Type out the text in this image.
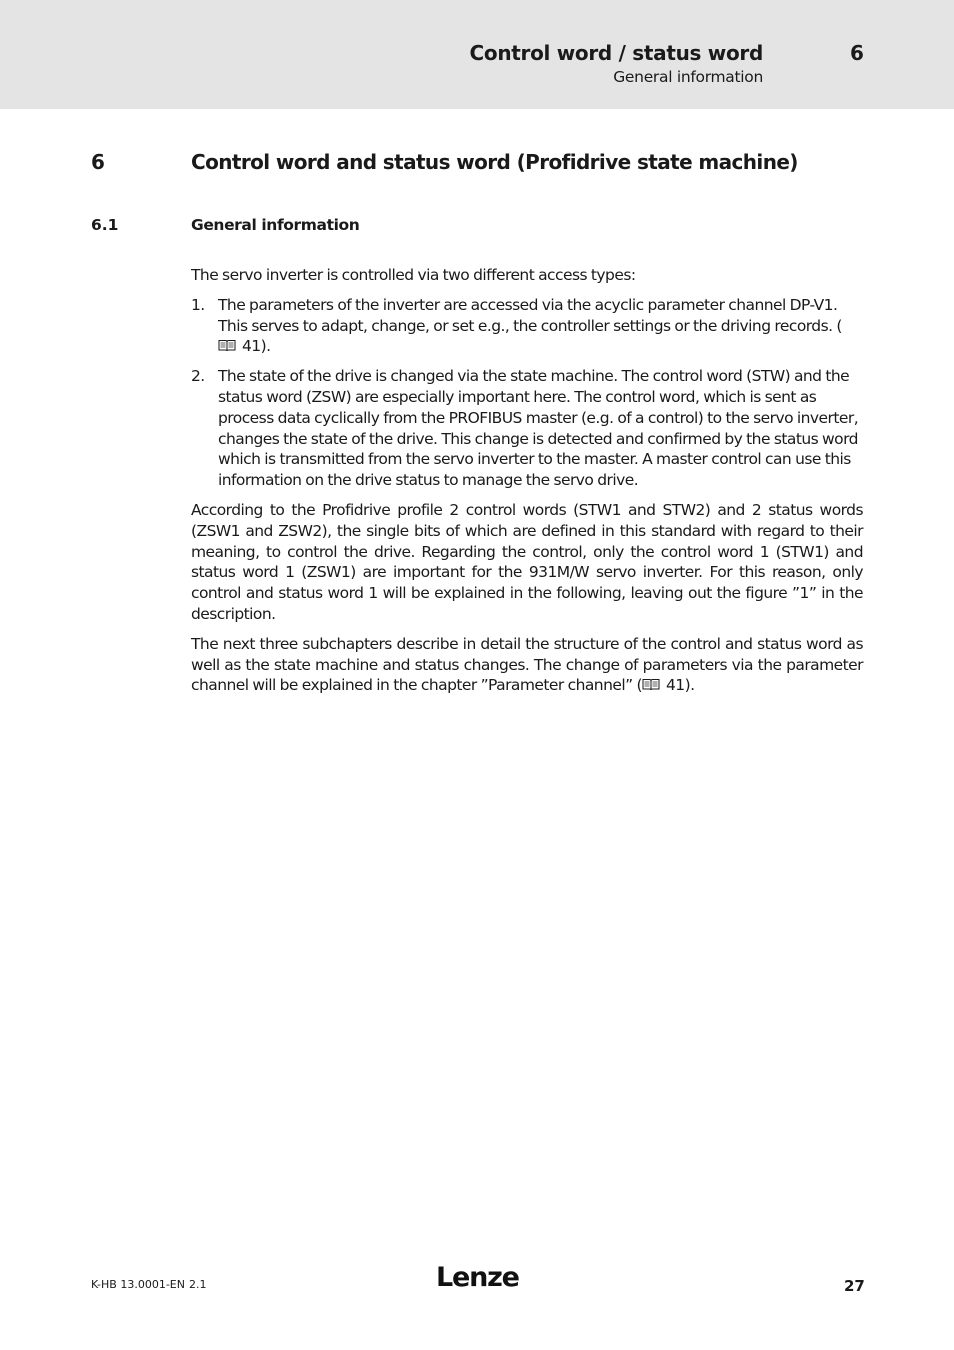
Control word / status word	6
General information
6	Control word and status word (Profidrive state machine)
6.1	General information

The servo inverter is controlled via two different access types:

1. The parameters of the inverter are accessed via the acyclic parameter channel DP-V1. This serves to adapt, change, or set e.g., the controller settings or the driving records. (41).
2. The state of the drive is changed via the state machine. The control word (STW) and the status word (ZSW) are especially important here. The control word, which is sent as process data cyclically from the PROFIBUS master (e.g. of a control) to the servo inverter, changes the state of the drive. This change is detected and confirmed by the status word which is transmitted from the servo inverter to the master. A master control can use this information on the drive status to manage the servo drive.

According to the Profidrive profile 2 control words (STW1 and STW2) and 2 status words (ZSW1 and ZSW2), the single bits of which are defined in this standard with regard to their meaning, to control the drive. Regarding the control, only the control word 1 (STW1) and status word 1 (ZSW1) are important for the 931M/W servo inverter. For this reason, only control and status word 1 will be explained in the following, leaving out the figure ”1” in the description.

The next three subchapters describe in detail the structure of the control and status word as well as the state machine and status changes. The change of parameters via the parameter channel will be explained in the chapter ”Parameter channel” ( 41).

K-HB 13.0001-EN 2.1	Lenze	27
